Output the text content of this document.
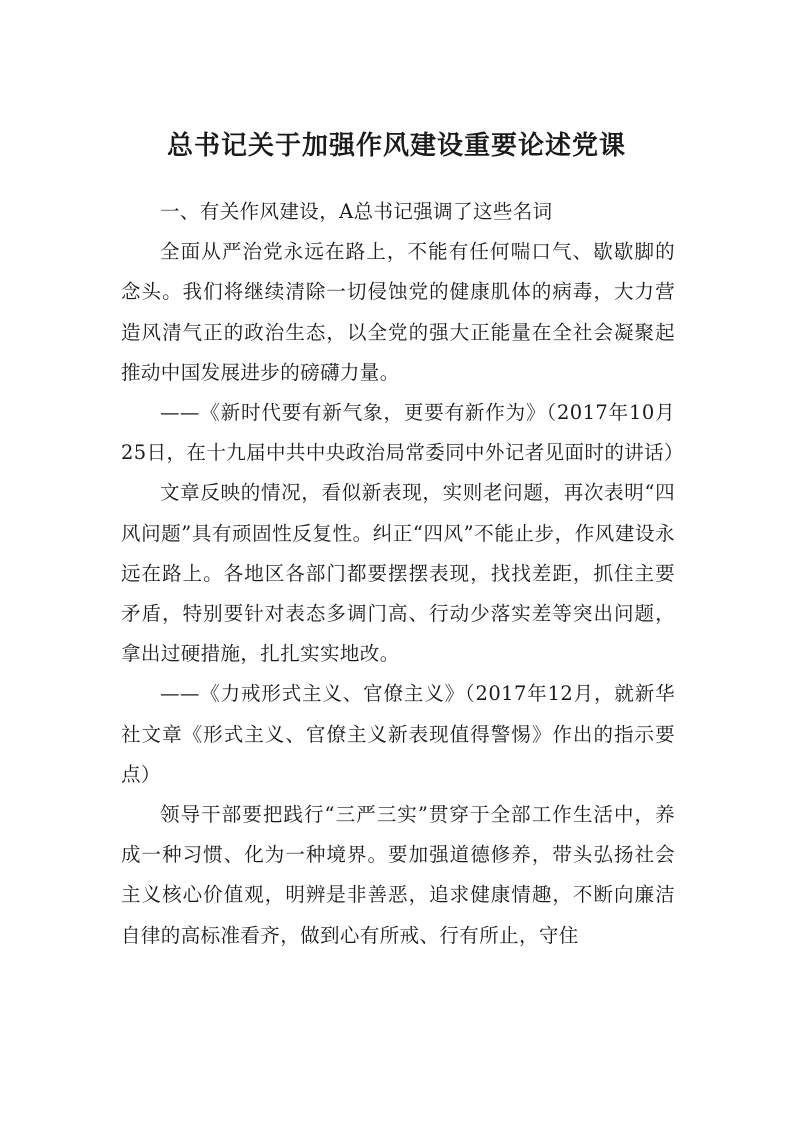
总书记关于加强作风建设重要论述党课

一、有关作风建设，A总书记强调了这些名词

全面从严治党永远在路上，不能有任何喘口气、歇歇脚的念头。我们将继续清除一切侵蚀党的健康肌体的病毒，大力营造风清气正的政治生态，以全党的强大正能量在全社会凝聚起推动中国发展进步的磅礴力量。

——《新时代要有新气象，更要有新作为》（2017年10月25日，在十九届中共中央政治局常委同中外记者见面时的讲话）

文章反映的情况，看似新表现，实则老问题，再次表明“四风问题”具有顽固性反复性。纠正“四风”不能止步，作风建设永远在路上。各地区各部门都要摆摆表现，找找差距，抓住主要矛盾，特别要针对表态多调门高、行动少落实差等突出问题，拿出过硬措施，扎扎实实地改。

——《力戒形式主义、官僚主义》（2017年12月，就新华社文章《形式主义、官僚主义新表现值得警惕》作出的指示要点）

领导干部要把践行“三严三实”贯穿于全部工作生活中，养成一种习惯、化为一种境界。要加强道德修养，带头弘扬社会主义核心价值观，明辨是非善恶，追求健康情趣，不断向廉洁自律的高标准看齐，做到心有所戒、行有所止，守住
